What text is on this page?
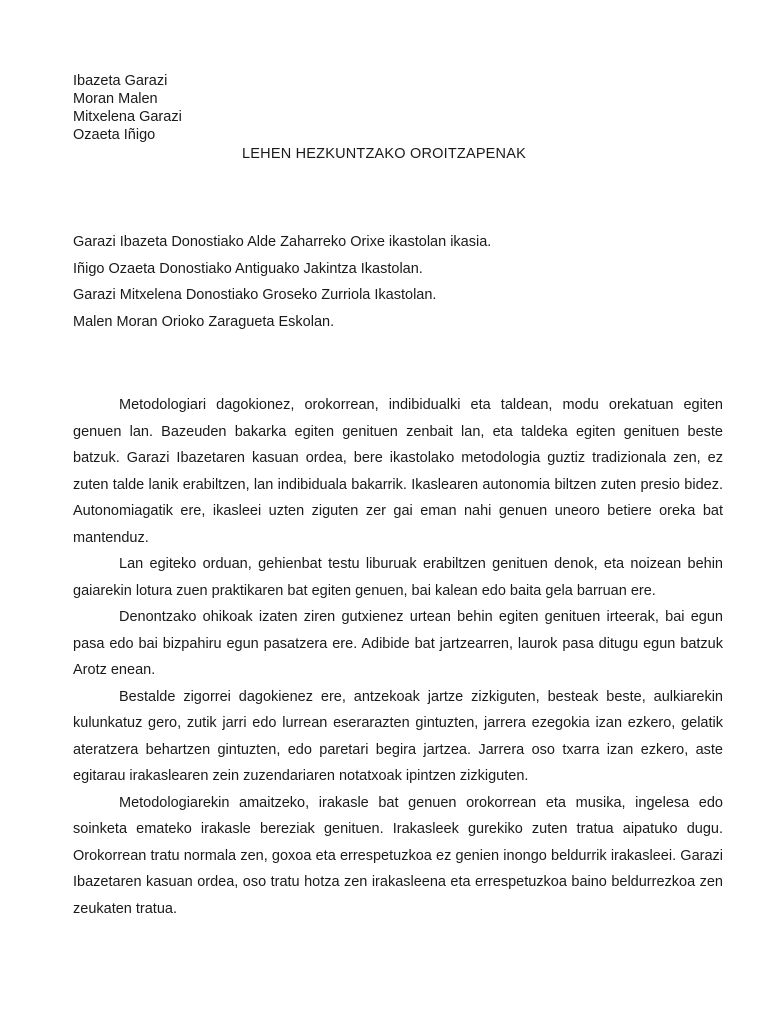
Ibazeta Garazi
Moran Malen
Mitxelena Garazi
Ozaeta Iñigo
LEHEN HEZKUNTZAKO OROITZAPENAK
Garazi Ibazeta Donostiako Alde Zaharreko Orixe ikastolan ikasia.
Iñigo Ozaeta Donostiako Antiguako Jakintza Ikastolan.
Garazi Mitxelena Donostiako Groseko Zurriola Ikastolan.
Malen Moran Orioko Zaragueta Eskolan.

Metodologiari dagokionez, orokorrean, indibidualki eta taldean, modu orekatuan egiten genuen lan. Bazeuden bakarka egiten genituen zenbait lan, eta taldeka egiten genituen beste batzuk. Garazi Ibazetaren kasuan ordea, bere ikastolako metodologia guztiz tradizionala zen, ez zuten talde lanik erabiltzen, lan indibiduala bakarrik. Ikaslearen autonomia biltzen zuten presio bidez. Autonomiagatik ere, ikasleei uzten ziguten zer gai eman nahi genuen uneoro betiere oreka bat mantenduz.

Lan egiteko orduan, gehienbat testu liburuak erabiltzen genituen denok, eta noizean behin gaiarekin lotura zuen praktikaren bat egiten genuen, bai kalean edo baita gela barruan ere.

Denontzako ohikoak izaten ziren gutxienez urtean behin egiten genituen irteerak, bai egun pasa edo bai bizpahiru egun pasatzera ere. Adibide bat jartzearren, laurok pasa ditugu egun batzuk Arotz enean.

Bestalde zigorrei dagokienez ere, antzekoak jartze zizkiguten, besteak beste, aulkiarekin kulunkatuz gero, zutik jarri edo lurrean eserarazten gintuzten, jarrera ezegokia izan ezkero, gelatik ateratzera behartzen gintuzten, edo paretari begira jartzea. Jarrera oso txarra izan ezkero, aste egitarau irakaslearen zein zuzendariaren notatxoak ipintzen zizkiguten.

Metodologiarekin amaitzeko, irakasle bat genuen orokorrean eta musika, ingelesa edo soinketa emateko irakasle bereziak genituen. Irakasleek gurekiko zuten tratua aipatuko dugu. Orokorrean tratu normala zen, goxoa eta errespetuzkoa ez genien inongo beldurrik irakasleei. Garazi Ibazetaren kasuan ordea, oso tratu hotza zen irakasleena eta errespetuzkoa baino beldurrezkoa zen zeukaten tratua.
